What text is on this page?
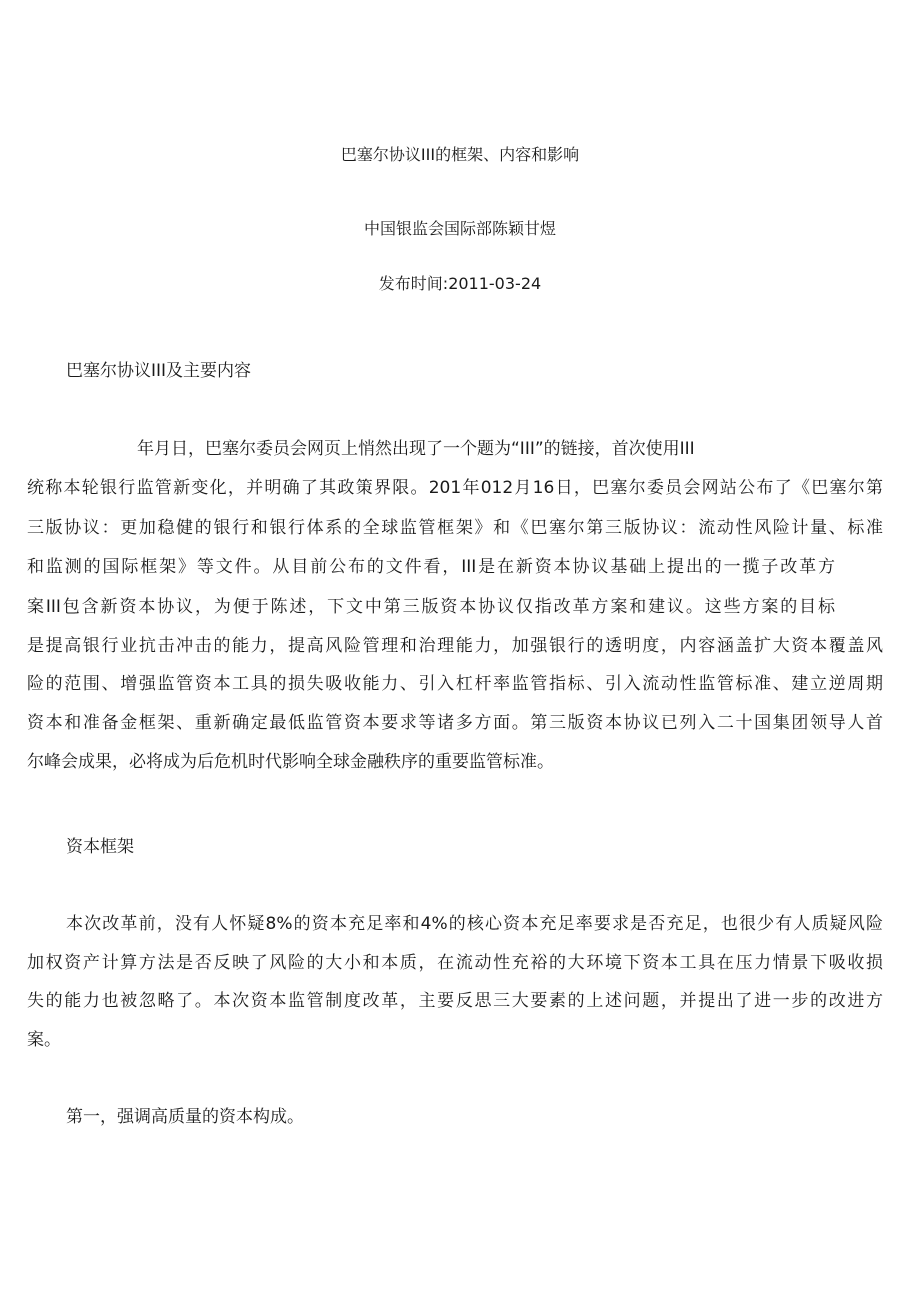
巴塞尔协议III的框架、内容和影响
中国银监会国际部陈颖甘煜
发布时间:2011-03-24
巴塞尔协议III及主要内容
年月日，巴塞尔委员会网页上悄然出现了一个题为“III”的链接，首次使用III
统称本轮银行监管新变化，并明确了其政策界限。201年012月16日，巴塞尔委员会网站公布了《巴塞尔第
三版协议：更加稳健的银行和银行体系的全球监管框架》和《巴塞尔第三版协议：流动性风险计量、标准
和监测的国际框架》等文件。从目前公布的文件看，III是在新资本协议基础上提出的一揽子改革方
案III包含新资本协议，为便于陈述，下文中第三版资本协议仅指改革方案和建议。这些方案的目标
是提高银行业抗击冲击的能力，提高风险管理和治理能力，加强银行的透明度，内容涵盖扩大资本覆盖风
险的范围、增强监管资本工具的损失吸收能力、引入杠杆率监管指标、引入流动性监管标准、建立逆周期
资本和准备金框架、重新确定最低监管资本要求等诸多方面。第三版资本协议已列入二十国集团领导人首
尔峰会成果，必将成为后危机时代影响全球金融秩序的重要监管标准。
资本框架
本次改革前，没有人怀疑8%的资本充足率和4%的核心资本充足率要求是否充足，也很少有人质疑风险
加权资产计算方法是否反映了风险的大小和本质，在流动性充裕的大环境下资本工具在压力情景下吸收损
失的能力也被忽略了。本次资本监管制度改革，主要反思三大要素的上述问题，并提出了进一步的改进方
案。
第一，强调高质量的资本构成。
